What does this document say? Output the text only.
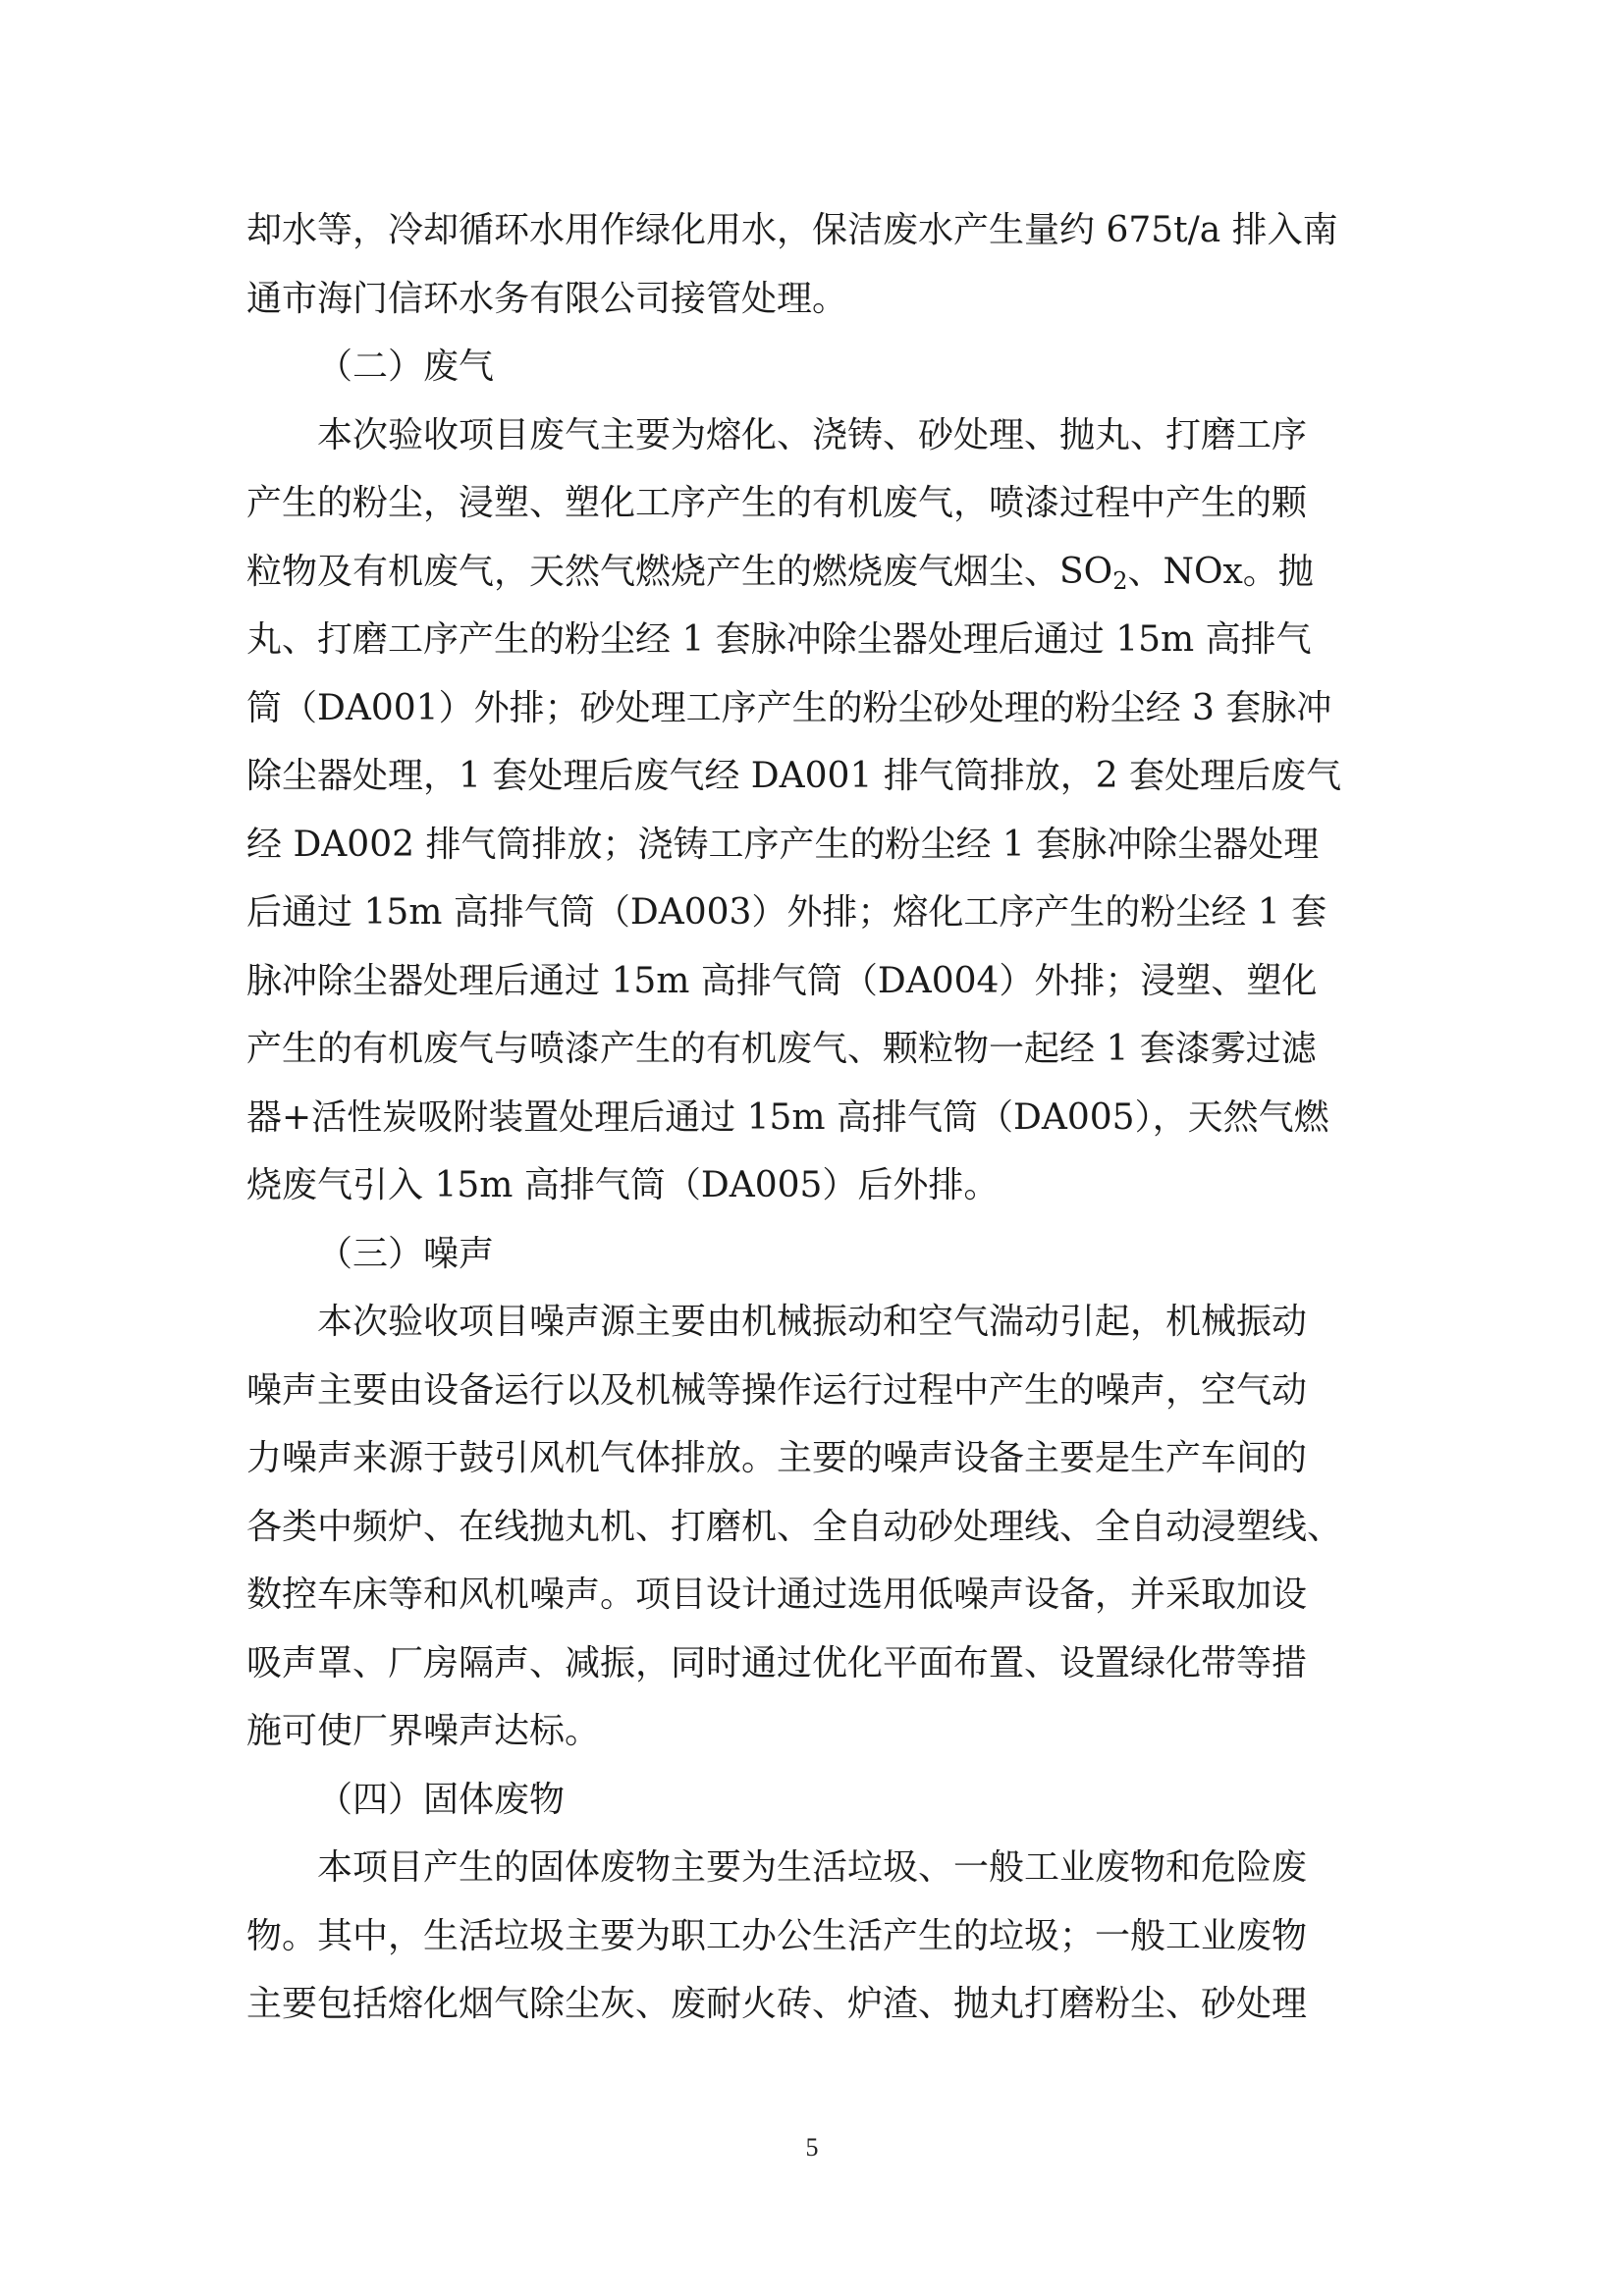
却水等，冷却循环水用作绿化用水，保洁废水产生量约 675t/a 排入南
通市海门信环水务有限公司接管处理。
（二）废气
本次验收项目废气主要为熔化、浇铸、砂处理、抛丸、打磨工序
产生的粉尘，浸塑、塑化工序产生的有机废气，喷漆过程中产生的颗
粒物及有机废气，天然气燃烧产生的燃烧废气烟尘、$SO_2$、NOx。抛
丸、打磨工序产生的粉尘经 1 套脉冲除尘器处理后通过 15m 高排气
筒（DA001）外排；砂处理工序产生的粉尘砂处理的粉尘经 3 套脉冲
除尘器处理，1 套处理后废气经 DA001 排气筒排放，2 套处理后废气
经 DA002 排气筒排放；浇铸工序产生的粉尘经 1 套脉冲除尘器处理
后通过 15m 高排气筒（DA003）外排；熔化工序产生的粉尘经 1 套
脉冲除尘器处理后通过 15m 高排气筒（DA004）外排；浸塑、塑化
产生的有机废气与喷漆产生的有机废气、颗粒物一起经 1 套漆雾过滤
器+活性炭吸附装置处理后通过 15m 高排气筒（DA005），天然气燃
烧废气引入 15m 高排气筒（DA005）后外排。
（三）噪声
本次验收项目噪声源主要由机械振动和空气湍动引起，机械振动
噪声主要由设备运行以及机械等操作运行过程中产生的噪声，空气动
力噪声来源于鼓引风机气体排放。主要的噪声设备主要是生产车间的
各类中频炉、在线抛丸机、打磨机、全自动砂处理线、全自动浸塑线、
数控车床等和风机噪声。项目设计通过选用低噪声设备，并采取加设
吸声罩、厂房隔声、减振，同时通过优化平面布置、设置绿化带等措
施可使厂界噪声达标。
（四）固体废物
本项目产生的固体废物主要为生活垃圾、一般工业废物和危险废
物。其中，生活垃圾主要为职工办公生活产生的垃圾；一般工业废物
主要包括熔化烟气除尘灰、废耐火砖、炉渣、抛丸打磨粉尘、砂处理
5
